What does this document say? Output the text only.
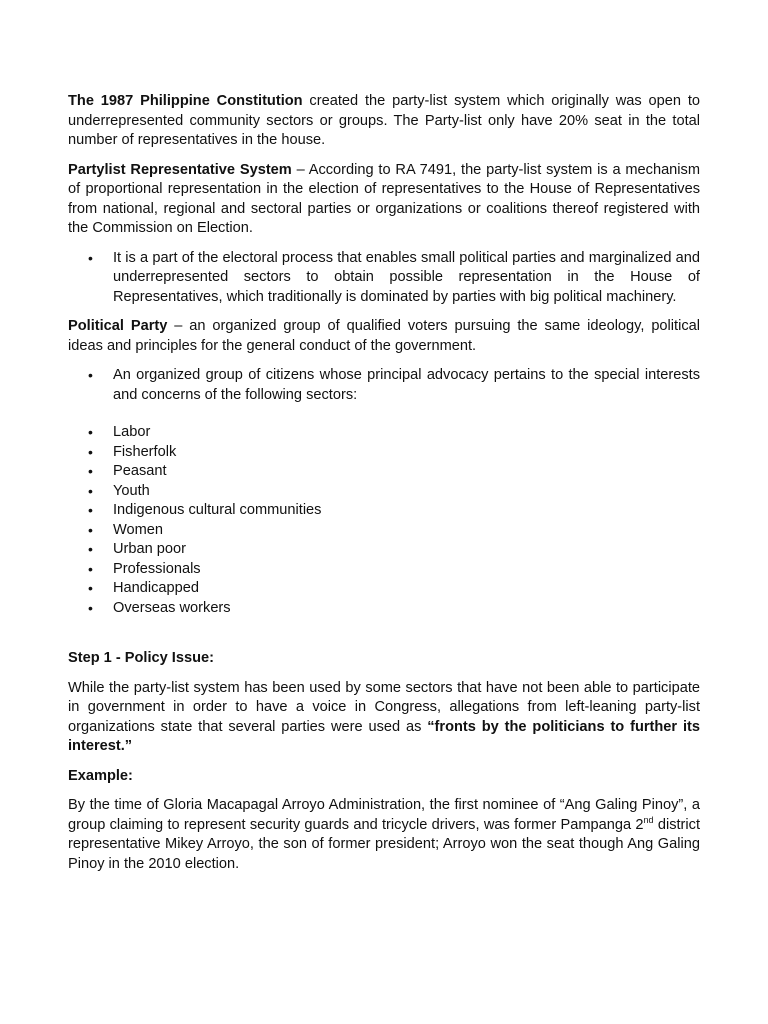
The 1987 Philippine Constitution created the party-list system which originally was open to underrepresented community sectors or groups. The Party-list only have 20% seat in the total number of representatives in the house.

Partylist Representative System – According to RA 7491, the party-list system is a mechanism of proportional representation in the election of representatives to the House of Representatives from national, regional and sectoral parties or organizations or coalitions thereof registered with the Commission on Election.

• It is a part of the electoral process that enables small political parties and marginalized and underrepresented sectors to obtain possible representation in the House of Representatives, which traditionally is dominated by parties with big political machinery.

Political Party – an organized group of qualified voters pursuing the same ideology, political ideas and principles for the general conduct of the government.

• An organized group of citizens whose principal advocacy pertains to the special interests and concerns of the following sectors:
• Labor
• Fisherfolk
• Peasant
• Youth
• Indigenous cultural communities
• Women
• Urban poor
• Professionals
• Handicapped
• Overseas workers

Step 1 - Policy Issue:

While the party-list system has been used by some sectors that have not been able to participate in government in order to have a voice in Congress, allegations from left-leaning party-list organizations state that several parties were used as “fronts by the politicians to further its interest.”

Example:

By the time of Gloria Macapagal Arroyo Administration, the first nominee of “Ang Galing Pinoy”, a group claiming to represent security guards and tricycle drivers, was former Pampanga 2nd district representative Mikey Arroyo, the son of former president; Arroyo won the seat though Ang Galing Pinoy in the 2010 election.
